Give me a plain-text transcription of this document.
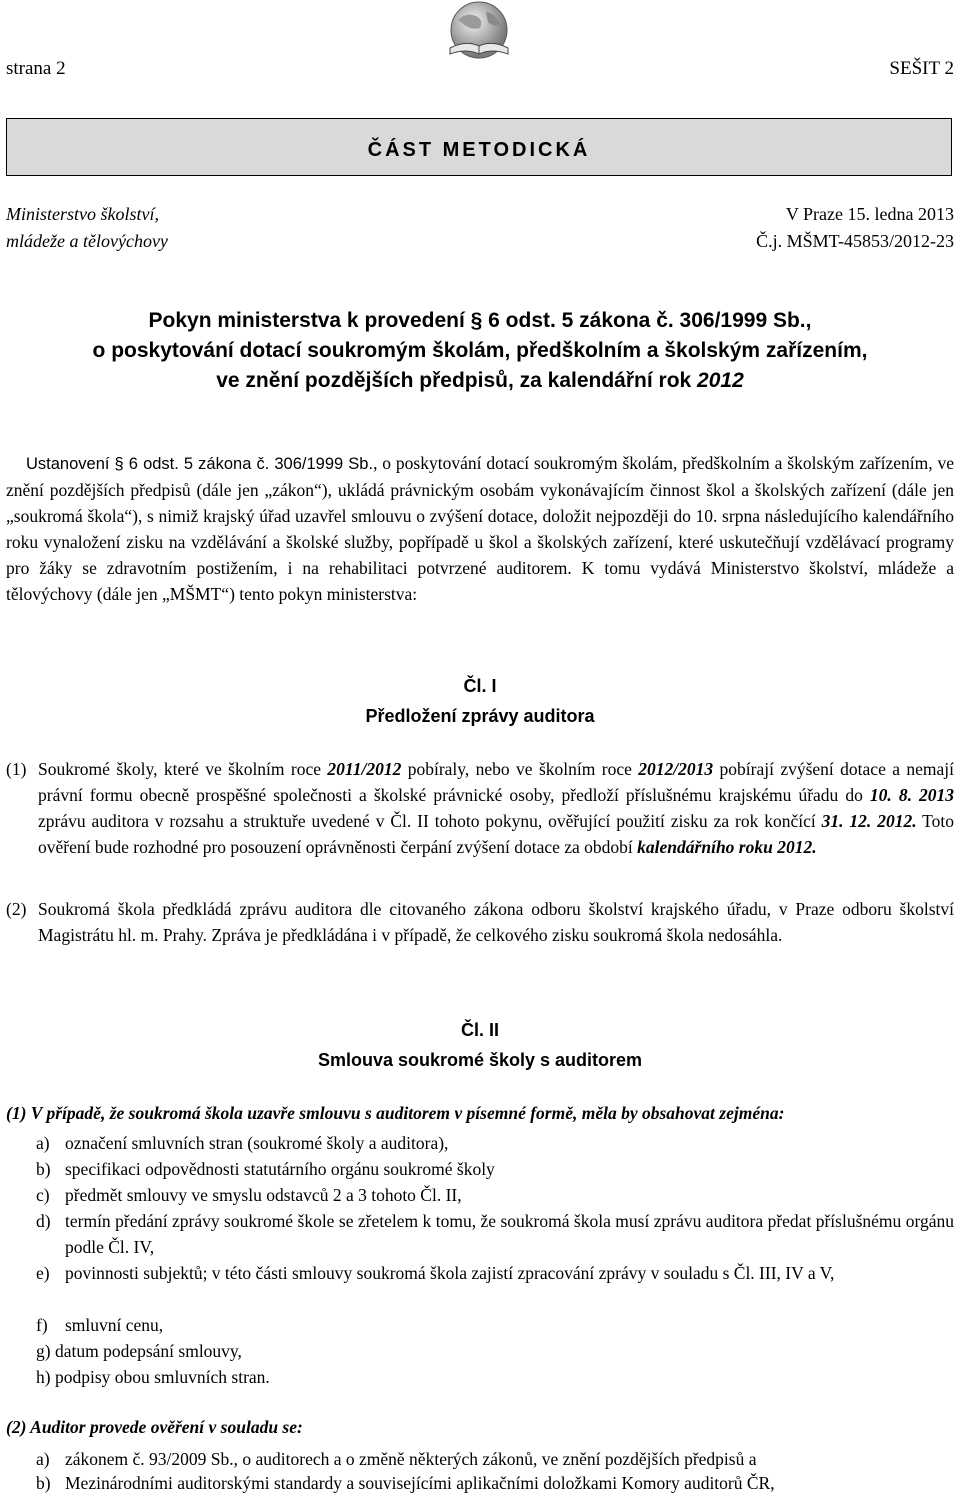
strana 2	SEŠIT 2
ČÁST METODICKÁ
Ministerstvo školství,
mládeže a tělovýchovy
V Praze 15. ledna 2013
Č.j. MŠMT-45853/2012-23
Pokyn ministerstva k provedení § 6 odst. 5 zákona č. 306/1999 Sb.,
o poskytování dotací soukromým školám, předškolním a školským zařízením,
ve znění pozdějších předpisů, za kalendářní rok 2012
Ustanovení § 6 odst. 5 zákona č. 306/1999 Sb., o poskytování dotací soukromým školám, předškolním a školským zařízením, ve znění pozdějších předpisů (dále jen „zákon“), ukládá právnickým osobám vykonávajícím činnost škol a školských zařízení (dále jen „soukromá škola“), s nimiž krajský úřad uzavřel smlouvu o zvýšení dotace, doložit nejpozději do 10. srpna následujícího kalendářního roku vynaložení zisku na vzdělávání a školské služby, popřípadě u škol a školských zařízení, které uskutečňují vzdělávací programy pro žáky se zdravotním postižením, i na rehabilitaci potvrzené auditorem. K tomu vydává Ministerstvo školství, mládeže a tělovýchovy (dále jen „MŠMT“) tento pokyn ministerstva:
Čl. I
Předložení zprávy auditora
(1) Soukromé školy, které ve školním roce 2011/2012 pobíraly, nebo ve školním roce 2012/2013 pobírají zvýšení dotace a nemají právní formu obecně prospěšné společnosti a školské právnické osoby, předloží příslušnému krajskému úřadu do 10. 8. 2013 zprávu auditora v rozsahu a struktuře uvedené v Čl. II tohoto pokynu, ověřující použití zisku za rok končící 31. 12. 2012. Toto ověření bude rozhodné pro posouzení oprávněnosti čerpání zvýšení dotace za období kalendářního roku 2012.
(2) Soukromá škola předkládá zprávu auditora dle citovaného zákona odboru školství krajského úřadu, v Praze odboru školství Magistrátu hl. m. Prahy. Zpráva je předkládána i v případě, že celkového zisku soukromá škola nedosáhla.
Čl. II
Smlouva soukromé školy s auditorem
(1) V případě, že soukromá škola uzavře smlouvu s auditorem v písemné formě, měla by obsahovat zejména:
a) označení smluvních stran (soukromé školy a auditora),
b) specifikaci odpovědnosti statutárního orgánu soukromé školy
c) předmět smlouvy ve smyslu odstavců 2 a 3 tohoto Čl. II,
d) termín předání zprávy soukromé škole se zřetelem k tomu, že soukromá škola musí zprávu auditora předat příslušnému orgánu podle Čl. IV,
e) povinnosti subjektů; v této části smlouvy soukromá škola zajistí zpracování zprávy v souladu s Čl. III, IV a V,
f) smluvní cenu,
g) datum podepsání smlouvy,
h) podpisy obou smluvních stran.
(2) Auditor provede ověření v souladu se:
a) zákonem č. 93/2009 Sb., o auditorech a o změně některých zákonů, ve znění pozdějších předpisů a
b) Mezinárodními auditorskými standardy a souvisejícími aplikačními doložkami Komory auditorů ČR,
